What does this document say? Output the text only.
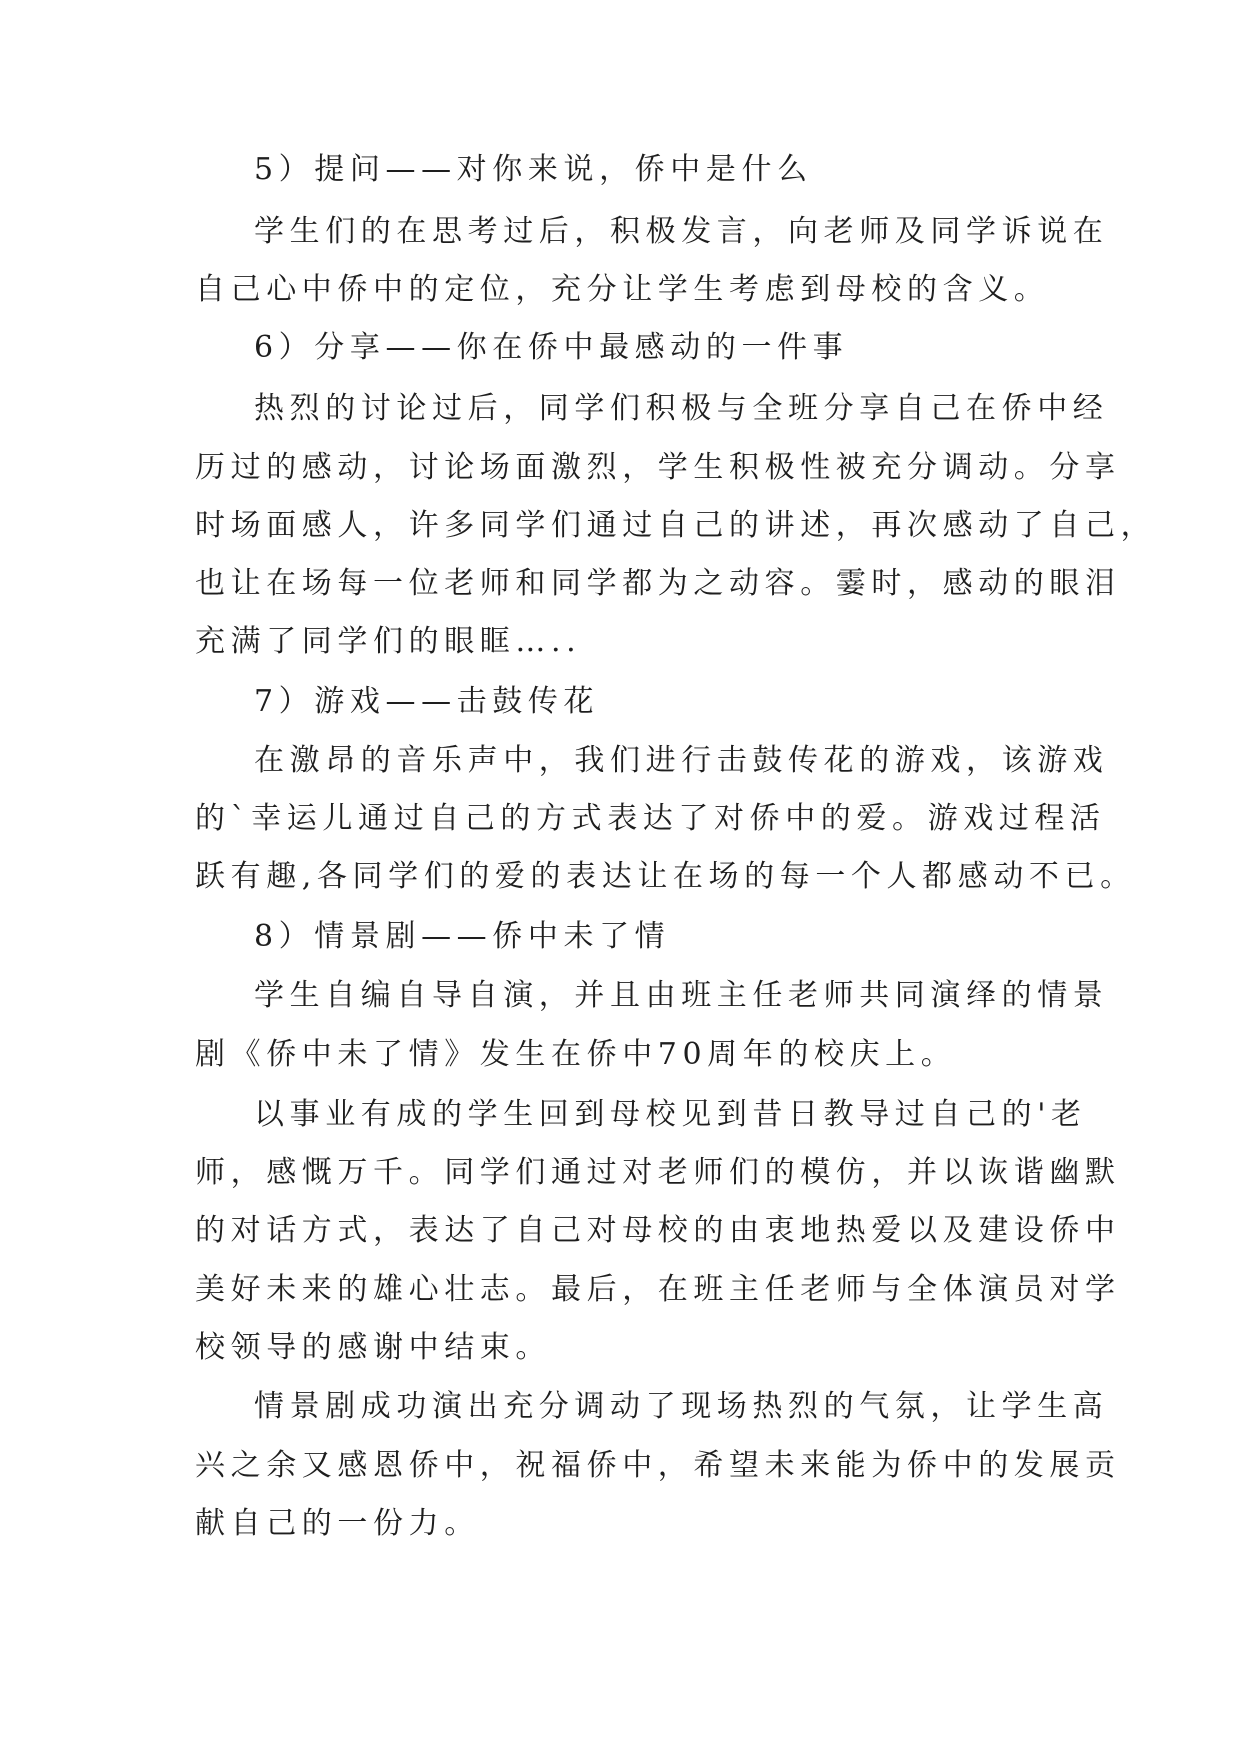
5）提问——对你来说，侨中是什么
学生们的在思考过后，积极发言，向老师及同学诉说在
自己心中侨中的定位，充分让学生考虑到母校的含义。
6）分享——你在侨中最感动的一件事
热烈的讨论过后，同学们积极与全班分享自己在侨中经
历过的感动，讨论场面激烈，学生积极性被充分调动。分享
时场面感人，许多同学们通过自己的讲述，再次感动了自己，
也让在场每一位老师和同学都为之动容。霎时，感动的眼泪
充满了同学们的眼眶…..
7）游戏——击鼓传花
在激昂的音乐声中，我们进行击鼓传花的游戏，该游戏
的`幸运儿通过自己的方式表达了对侨中的爱。游戏过程活
跃有趣,各同学们的爱的表达让在场的每一个人都感动不已。
8）情景剧——侨中未了情
学生自编自导自演，并且由班主任老师共同演绎的情景
剧《侨中未了情》发生在侨中70周年的校庆上。
以事业有成的学生回到母校见到昔日教导过自己的'老
师，感慨万千。同学们通过对老师们的模仿，并以诙谐幽默
的对话方式，表达了自己对母校的由衷地热爱以及建设侨中
美好未来的雄心壮志。最后，在班主任老师与全体演员对学
校领导的感谢中结束。
情景剧成功演出充分调动了现场热烈的气氛，让学生高
兴之余又感恩侨中，祝福侨中，希望未来能为侨中的发展贡
献自己的一份力。
